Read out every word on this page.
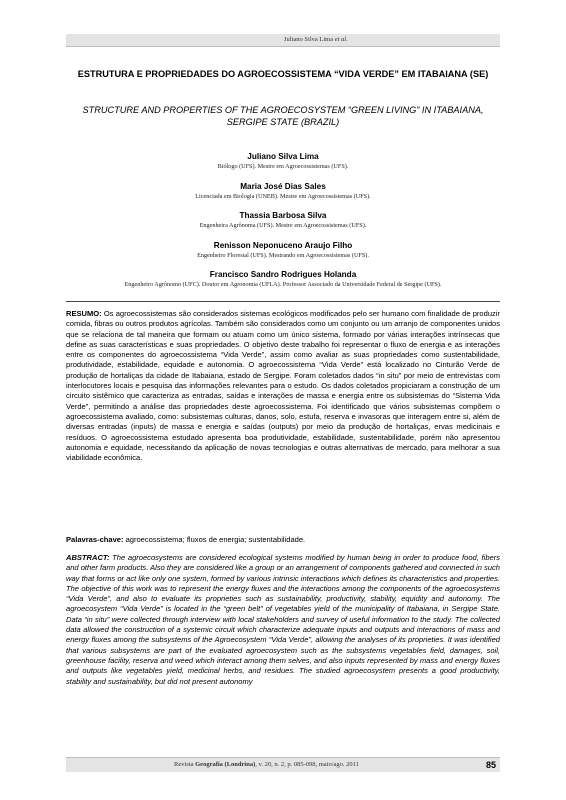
Juliano Silva Lima et al.
ESTRUTURA E PROPRIEDADES DO AGROECOSSISTEMA “VIDA VERDE” EM ITABAIANA (SE)
STRUCTURE AND PROPERTIES OF THE AGROECOSYSTEM “GREEN LIVING” IN ITABAIANA, SERGIPE STATE (BRAZIL)
Juliano Silva Lima
Biólogo (UFS). Mestre em Agroecossistemas (UFS).
Maria José Dias Sales
Licenciada em Biologia (UNEB). Mestre em Agroecossistemas (UFS).
Thassia Barbosa Silva
Engenheira Agrônoma (UFS). Mestre em Agroecossistemas (UFS).
Renisson Neponuceno Araujo Filho
Engenheiro Florestal (UFS). Mestrando em Agroecossistemas (UFS).
Francisco Sandro Rodrigues Holanda
Engenheiro Agrônomo (UFC). Doutor em Agronomia (UFLA). Professor Associado da Universidade Federal de Sergipe (UFS).
RESUMO: Os agroecossistemas são considerados sistemas ecológicos modificados pelo ser humano com finalidade de produzir comida, fibras ou outros produtos agrícolas. Também são considerados como um conjunto ou um arranjo de componentes unidos que se relaciona de tal maneira que formam ou atuam como um único sistema, formado por várias interações intrínsecas que define as suas características e suas propriedades. O objetivo deste trabalho foi representar o fluxo de energia e as interações entre os componentes do agroecossistema “Vida Verde”, assim como avaliar as suas propriedades como sustentabilidade, produtividade, estabilidade, equidade e autonomia. O agroecossistema “Vida Verde” está localizado no Cinturão Verde de produção de hortaliças da cidade de Itabaiana, estado de Sergipe. Foram coletados dados “in situ” por meio de entrevistas com interlocutores locais e pesquisa das informações relevantes para o estudo. Os dados coletados propiciaram a construção de um circuito sistêmico que caracteriza as entradas, saídas e interações de massa e energia entre os subsistemas do “Sistema Vida Verde”, permitindo a análise das propriedades deste agroecossistema. Foi identificado que vários subsistemas compõem o agroecossistema avaliado, como: subsistemas culturas, danos, solo, estufa, reserva e invasoras que interagem entre si, além de diversas entradas (inputs) de massa e energia e saídas (outputs) por meio da produção de hortaliças, ervas medicinais e resíduos. O agroecossistema estudado apresenta boa produtividade, estabilidade, sustentabilidade, porém não apresentou autonomia e equidade, necessitando da aplicação de novas tecnologias e outras alternativas de mercado, para melhorar a sua viabilidade econômica.
Palavras-chave: agroecossistema; fluxos de energia; sustentabilidade.
ABSTRACT: The agroecosystems are considered ecological systems modified by human being in order to produce food, fibers and other farm products. Also they are considered like a group or an arrangement of components gathered and connected in such way that forms or act like only one system, formed by various intrinsic interactions which defines its characteristics and properties. The objective of this work was to represent the energy fluxes and the interactions among the components of the agroecosystems “Vida Verde”, and also to evaluate its proprieties such as sustainability, productivity, stability, equidity and autonomy. The agroecosystem “Vida Verde” is located in the “green belt” of vegetables yield of the municipality of Itabaiana, in Sergipe State. Data “in situ” were collected through interview with local stakeholders and survey of useful information to the study. The collected data allowed the construction of a systemic circuit which characterize adequate inputs and outputs and interactions of mass and energy fluxes among the subsystems of the Agroecosystem “Vida Verde”, allowing the analyses of its proprieties. It was identified that various subsystems are part of the evaluated agroecosystem such as the subsystems vegetables field, damages, soil, greenhouse facility, reserva and weed which interact among them selves, and also inputs represented by mass and energy fluxes and outputs like vegetables yield, medicinal herbs, and residues. The studied agroecosystem presents a good productivity, stability and sustainability, but did not present autonomy
Revista Geografia (Londrina), v. 20, n. 2, p. 085-098, maio/ago. 2011	85
